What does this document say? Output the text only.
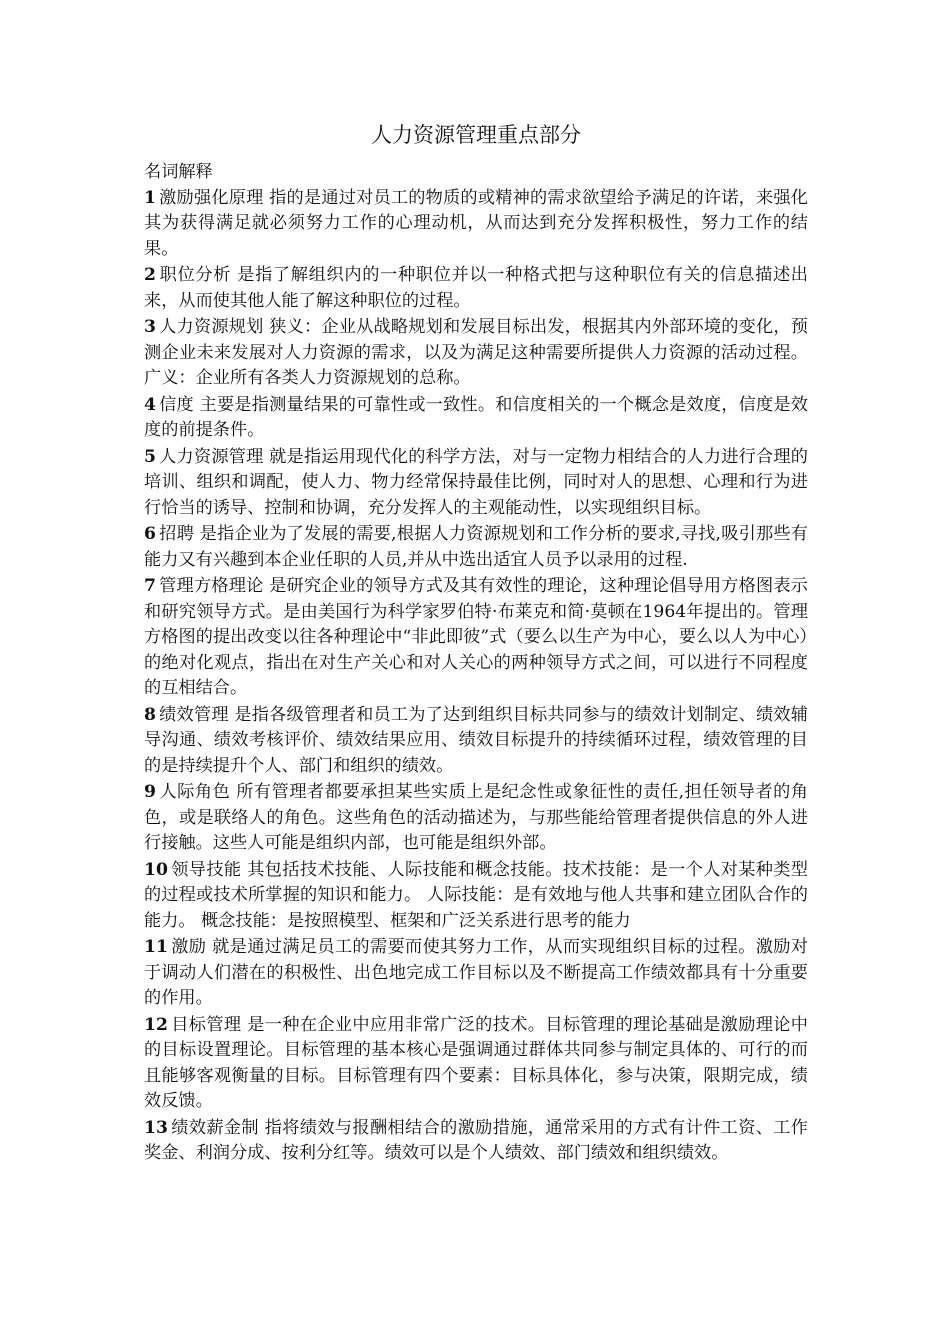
人力资源管理重点部分
名词解释

1 激励强化原理 指的是通过对员工的物质的或精神的需求欲望给予满足的许诺，来强化其为获得满足就必须努力工作的心理动机，从而达到充分发挥积极性，努力工作的结果。

2 职位分析 是指了解组织内的一种职位并以一种格式把与这种职位有关的信息描述出来，从而使其他人能了解这种职位的过程。

3 人力资源规划 狭义：企业从战略规划和发展目标出发，根据其内外部环境的变化，预测企业未来发展对人力资源的需求，以及为满足这种需要所提供人力资源的活动过程。 广义：企业所有各类人力资源规划的总称。

4 信度 主要是指测量结果的可靠性或一致性。和信度相关的一个概念是效度，信度是效度的前提条件。

5 人力资源管理 就是指运用现代化的科学方法，对与一定物力相结合的人力进行合理的培训、组织和调配，使人力、物力经常保持最佳比例，同时对人的思想、心理和行为进行恰当的诱导、控制和协调，充分发挥人的主观能动性，以实现组织目标。

6 招聘 是指企业为了发展的需要,根据人力资源规划和工作分析的要求,寻找,吸引那些有能力又有兴趣到本企业任职的人员,并从中选出适宜人员予以录用的过程.

7 管理方格理论 是研究企业的领导方式及其有效性的理论，这种理论倡导用方格图表示和研究领导方式。是由美国行为科学家罗伯特·布莱克和简·莫顿在1964年提出的。管理方格图的提出改变以往各种理论中“非此即彼”式（要么以生产为中心，要么以人为中心）的绝对化观点，指出在对生产关心和对人关心的两种领导方式之间，可以进行不同程度的互相结合。

8 绩效管理 是指各级管理者和员工为了达到组织目标共同参与的绩效计划制定、绩效辅导沟通、绩效考核评价、绩效结果应用、绩效目标提升的持续循环过程，绩效管理的目的是持续提升个人、部门和组织的绩效。

9 人际角色 所有管理者都要承担某些实质上是纪念性或象征性的责任,担任领导者的角色，或是联络人的角色。这些角色的活动描述为，与那些能给管理者提供信息的外人进行接触。这些人可能是组织内部，也可能是组织外部。

10 领导技能 其包括技术技能、人际技能和概念技能。技术技能：是一个人对某种类型的过程或技术所掌握的知识和能力。 人际技能：是有效地与他人共事和建立团队合作的能力。 概念技能：是按照模型、框架和广泛关系进行思考的能力

11 激励 就是通过满足员工的需要而使其努力工作，从而实现组织目标的过程。激励对于调动人们潜在的积极性、出色地完成工作目标以及不断提高工作绩效都具有十分重要的作用。

12 目标管理 是一种在企业中应用非常广泛的技术。目标管理的理论基础是激励理论中的目标设置理论。目标管理的基本核心是强调通过群体共同参与制定具体的、可行的而且能够客观衡量的目标。目标管理有四个要素：目标具体化，参与决策，限期完成，绩效反馈。

13 绩效薪金制 指将绩效与报酬相结合的激励措施，通常采用的方式有计件工资、工作奖金、利润分成、按利分红等。绩效可以是个人绩效、部门绩效和组织绩效。
